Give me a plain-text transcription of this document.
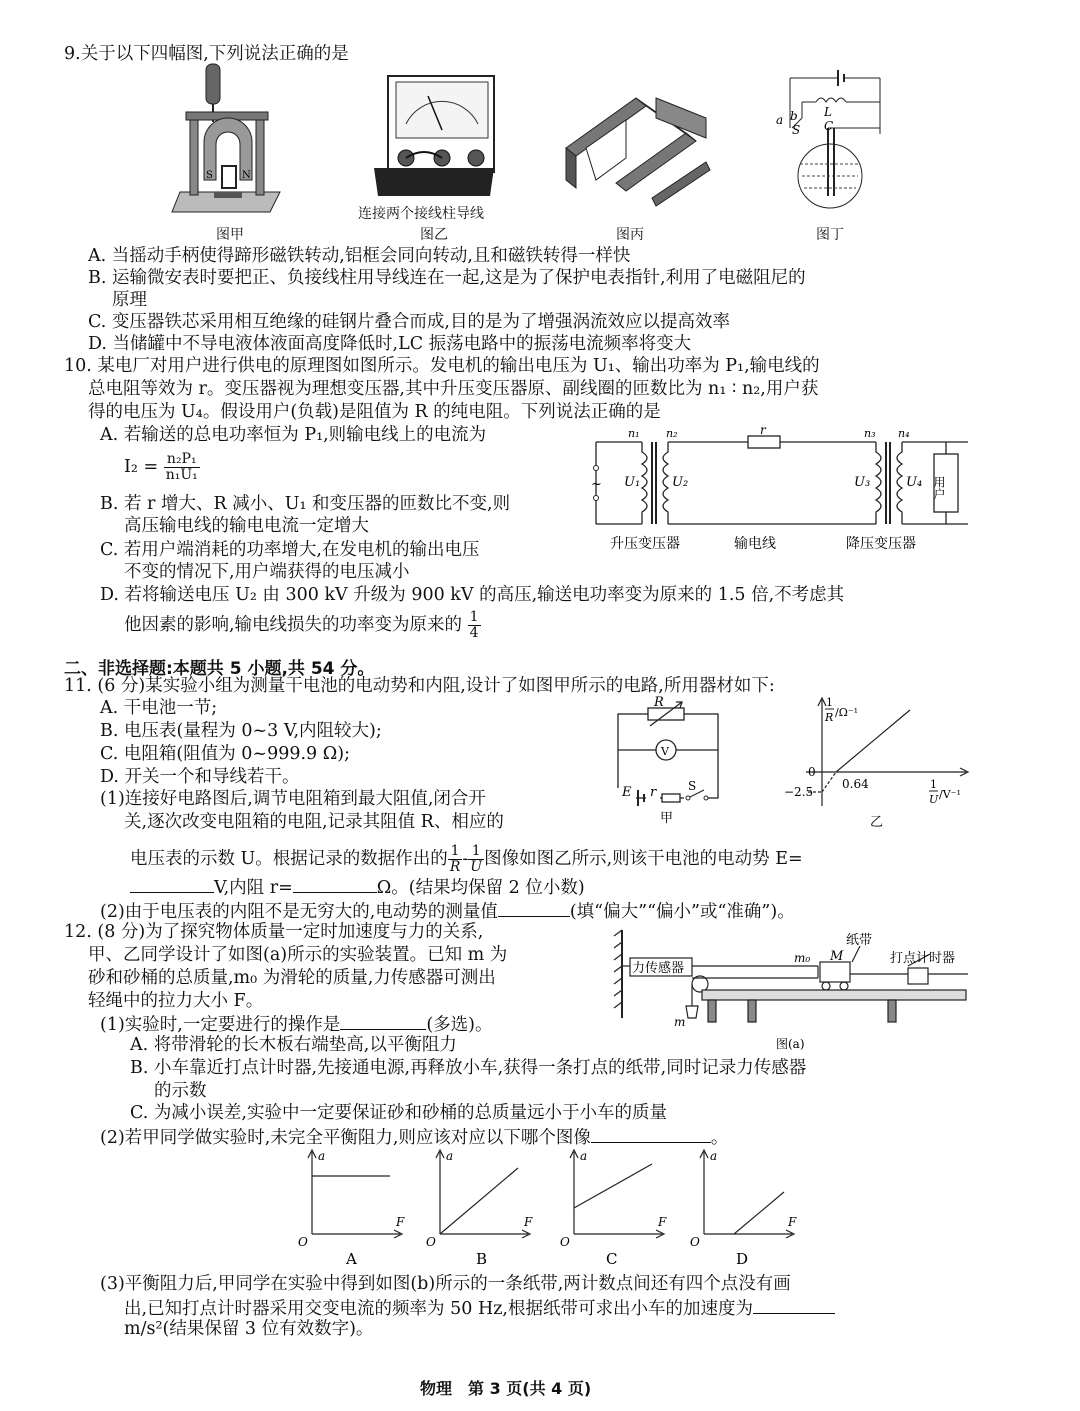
9.关于以下四幅图,下列说法正确的是
S	N
图甲
连接两个接线柱导线
图乙	图丙
a b
S
L
C
图丁
A. 当摇动手柄使得蹄形磁铁转动,铝框会同向转动,且和磁铁转得一样快
B. 运输微安表时要把正、负接线柱用导线连在一起,这是为了保护电表指针,利用了电磁阻尼的
原理
C. 变压器铁芯采用相互绝缘的硅钢片叠合而成,目的是为了增强涡流效应以提高效率
D. 当储罐中不导电液体液面高度降低时,LC 振荡电路中的振荡电流频率将变大
10. 某电厂对用户进行供电的原理图如图所示。发电机的输出电压为 U₁、输出功率为 P₁,输电线的
总电阻等效为 r。变压器视为理想变压器,其中升压变压器原、副线圈的匝数比为 n₁ ∶ n₂,用户获
得的电压为 U₄。假设用户(负载)是阻值为 R 的纯电阻。下列说法正确的是
A. 若输送的总电功率恒为 P₁,则输电线上的电流为
$I_2 = \frac{\text{n₂P₁}}{\text{n₁U₁}}$
B. 若 r 增大、R 减小、U₁ 和变压器的匝数比不变,则
高压输电线的输电电流一定增大
C. 若用户端消耗的功率增大,在发电机的输出电压
不变的情况下,用户端获得的电压减小
~
n₁ n₂	r	n₃ n₄
U₁ U₂	U₃	U₄ 用户
升压变压器	输电线	降压变压器
D. 若将输送电压 U₂ 由 300 kV 升级为 900 kV 的高压,输送电功率变为原来的 1.5 倍,不考虑其
他因素的影响,输电线损失的功率变为原来的 $\frac{1}{4}$
二、非选择题:本题共 5 小题,共 54 分。
11. (6 分)某实验小组为测量干电池的电动势和内阻,设计了如图甲所示的电路,所用器材如下:
A. 干电池一节;
B. 电压表(量程为 0~3 V,内阻较大);
C. 电阻箱(阻值为 0~999.9 Ω);
D. 开关一个和导线若干。
(1)连接好电路图后,调节电阻箱到最大阻值,闭合开
关,逐次改变电阻箱的电阻,记录其阻值 R、相应的
R
V
E r	S
甲
1
R /Ω⁻¹
1
U /V⁻¹
0
0.64
−2.5
乙
电压表的示数 U。根据记录的数据作出的 $\frac{1}{R} - \frac{1}{U}$ 图像如图乙所示,则该干电池的电动势 E=
V,内阻 r=	Ω。(结果均保留 2 位小数)
(2)由于电压表的内阻不是无穷大的,电动势的测量值	(填“偏大”“偏小”或“准确”)。
12. (8 分)为了探究物体质量一定时加速度与力的关系,
甲、乙同学设计了如图(a)所示的实验装置。已知 m 为
砂和砂桶的总质量,m₀ 为滑轮的质量,力传感器可测出
轻绳中的拉力大小 F。
(1)实验时,一定要进行的操作是	(多选)。
力传感器
纸带
打点计时器
m₀ M
m
图(a)
A. 将带滑轮的长木板右端垫高,以平衡阻力
B. 小车靠近打点计时器,先接通电源,再释放小车,获得一条打点的纸带,同时记录力传感器
的示数
C. 为减小误差,实验中一定要保证砂和砂桶的总质量远小于小车的质量
(2)若甲同学做实验时,未完全平衡阻力,则应该对应以下哪个图像	。
a
F
O
a
F
O
a
F
O
a
F
O
A	B	C	D
(3)平衡阻力后,甲同学在实验中得到如图(b)所示的一条纸带,两计数点间还有四个点没有画
出,已知打点计时器采用交变电流的频率为 50 Hz,根据纸带可求出小车的加速度为
m/s²(结果保留 3 位有效数字)。
物理　第 3 页(共 4 页)
